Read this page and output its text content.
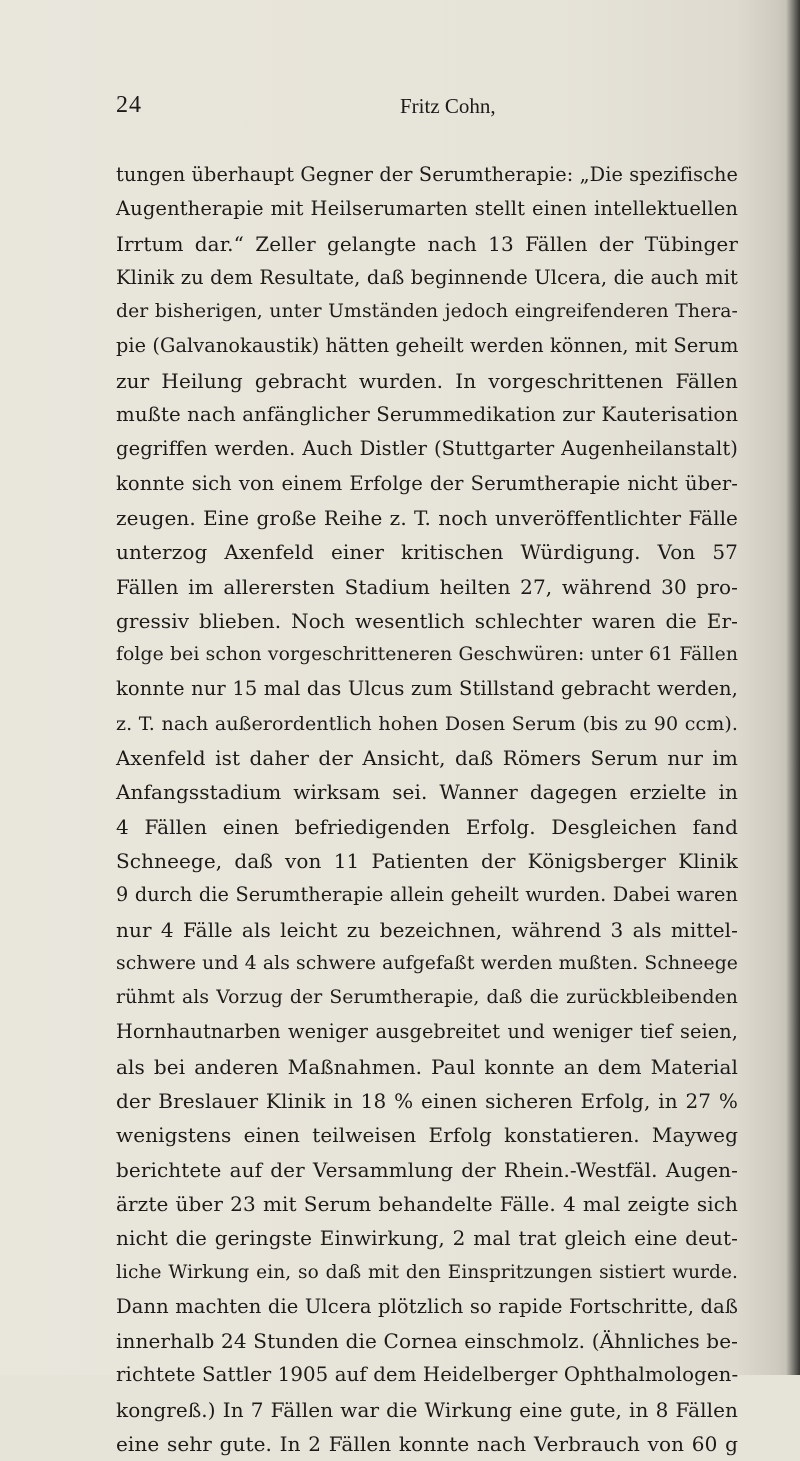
24	Fritz Cohn,
tungen überhaupt Gegner der Serumtherapie: „Die spezifische
Augentherapie mit Heilserumarten stellt einen intellektuellen
Irrtum dar.“ Zeller gelangte nach 13 Fällen der Tübinger
Klinik zu dem Resultate, daß beginnende Ulcera, die auch mit
der bisherigen, unter Umständen jedoch eingreifenderen Thera-
pie (Galvanokaustik) hätten geheilt werden können, mit Serum
zur Heilung gebracht wurden. In vorgeschrittenen Fällen
mußte nach anfänglicher Serummedikation zur Kauterisation
gegriffen werden. Auch Distler (Stuttgarter Augenheilanstalt)
konnte sich von einem Erfolge der Serumtherapie nicht über-
zeugen. Eine große Reihe z. T. noch unveröffentlichter Fälle
unterzog Axenfeld einer kritischen Würdigung. Von 57
Fällen im allerersten Stadium heilten 27, während 30 pro-
gressiv blieben. Noch wesentlich schlechter waren die Er-
folge bei schon vorgeschritteneren Geschwüren: unter 61 Fällen
konnte nur 15 mal das Ulcus zum Stillstand gebracht werden,
z. T. nach außerordentlich hohen Dosen Serum (bis zu 90 ccm).
Axenfeld ist daher der Ansicht, daß Römers Serum nur im
Anfangsstadium wirksam sei. Wanner dagegen erzielte in
4 Fällen einen befriedigenden Erfolg. Desgleichen fand
Schneege, daß von 11 Patienten der Königsberger Klinik
9 durch die Serumtherapie allein geheilt wurden. Dabei waren
nur 4 Fälle als leicht zu bezeichnen, während 3 als mittel-
schwere und 4 als schwere aufgefaßt werden mußten. Schneege
rühmt als Vorzug der Serumtherapie, daß die zurückbleibenden
Hornhautnarben weniger ausgebreitet und weniger tief seien,
als bei anderen Maßnahmen. Paul konnte an dem Material
der Breslauer Klinik in 18 % einen sicheren Erfolg, in 27 %
wenigstens einen teilweisen Erfolg konstatieren. Mayweg
berichtete auf der Versammlung der Rhein.-Westfäl. Augen-
ärzte über 23 mit Serum behandelte Fälle. 4 mal zeigte sich
nicht die geringste Einwirkung, 2 mal trat gleich eine deut-
liche Wirkung ein, so daß mit den Einspritzungen sistiert wurde.
Dann machten die Ulcera plötzlich so rapide Fortschritte, daß
innerhalb 24 Stunden die Cornea einschmolz. (Ähnliches be-
richtete Sattler 1905 auf dem Heidelberger Ophthalmologen-
kongreß.) In 7 Fällen war die Wirkung eine gute, in 8 Fällen
eine sehr gute. In 2 Fällen konnte nach Verbrauch von 60 g
